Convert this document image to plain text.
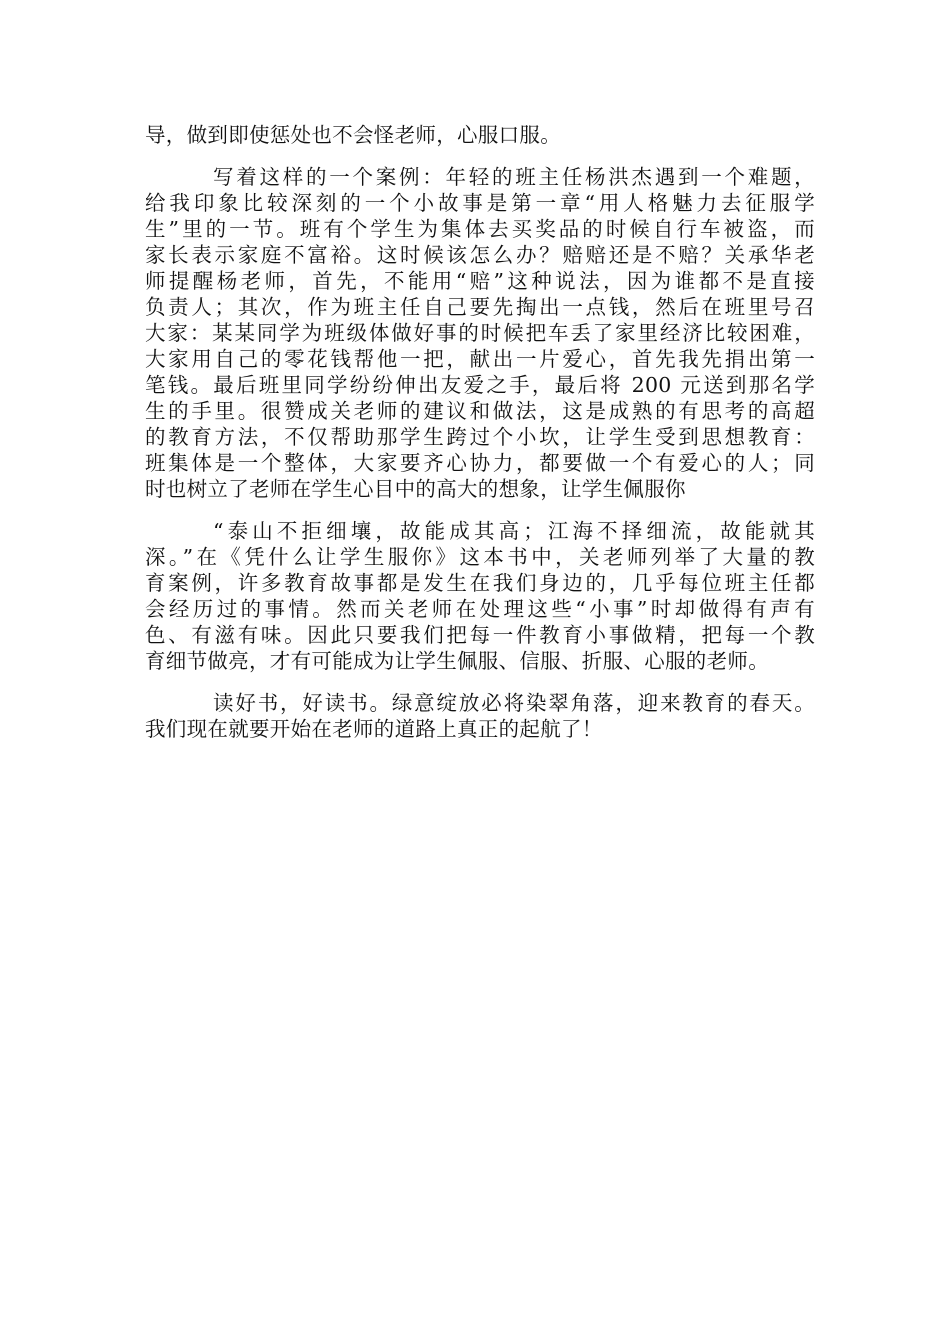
导，做到即使惩处也不会怪老师，心服口服。
写着这样的一个案例：年轻的班主任杨洪杰遇到一个难题，
给我印象比较深刻的一个小故事是第一章“用人格魅力去征服学
生”里的一节。班有个学生为集体去买奖品的时候自行车被盗，而
家长表示家庭不富裕。这时候该怎么办？赔赔还是不赔？关承华老
师提醒杨老师，首先，不能用“赔”这种说法，因为谁都不是直接
负责人；其次，作为班主任自己要先掏出一点钱，然后在班里号召
大家：某某同学为班级体做好事的时候把车丢了家里经济比较困难，
大家用自己的零花钱帮他一把，献出一片爱心，首先我先捐出第一
笔钱。最后班里同学纷纷伸出友爱之手，最后将 200 元送到那名学
生的手里。很赞成关老师的建议和做法，这是成熟的有思考的高超
的教育方法，不仅帮助那学生跨过个小坎，让学生受到思想教育：
班集体是一个整体，大家要齐心协力，都要做一个有爱心的人；同
时也树立了老师在学生心目中的高大的想象，让学生佩服你
“泰山不拒细壤，故能成其高；江海不择细流，故能就其
深。”在《凭什么让学生服你》这本书中，关老师列举了大量的教
育案例，许多教育故事都是发生在我们身边的，几乎每位班主任都
会经历过的事情。然而关老师在处理这些“小事”时却做得有声有
色、有滋有味。因此只要我们把每一件教育小事做精，把每一个教
育细节做亮，才有可能成为让学生佩服、信服、折服、心服的老师。
读好书，好读书。绿意绽放必将染翠角落，迎来教育的春天。
我们现在就要开始在老师的道路上真正的起航了！
